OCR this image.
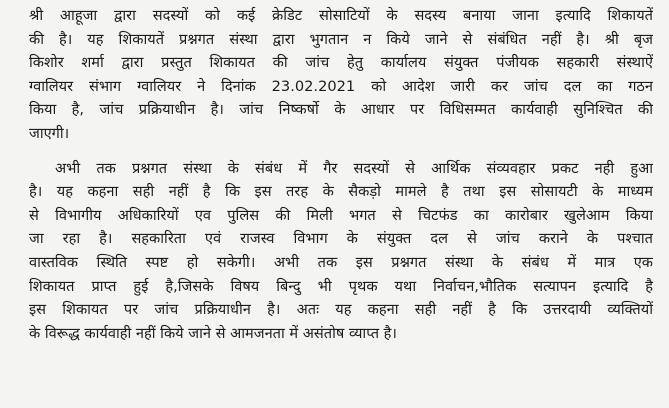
श्री आहूजा द्वारा सदस्यों को कई क्रेडिट सोसाटियों के सदस्य बनाया जाना इत्यादि शिकायतें
की है। यह शिकायतें प्रश्नगत संस्था द्वारा भुगतान न किये जाने से संबंधित नहीं है। श्री बृज
किशोर शर्मा द्वारा प्रस्तुत शिकायत की जांच हेतु कार्यालय संयुक्त पंजीयक सहकारी संस्थाऐं
ग्वालियर संभाग ग्वालियर ने दिनांक 23.02.2021 को आदेश जारी कर जांच दल का गठन
किया है, जांच प्रक्रियाधीन है। जांच निष्कर्षो के आधार पर विधिसम्मत कार्यवाही सुनिश्चित की
जाएगी।
अभी तक प्रश्नगत संस्था के संबंध में गैर सदस्यों से आर्थिक संव्यवहार प्रकट नही हुआ
है। यह कहना सही नहीं है कि इस तरह के सैकड़ो मामले है तथा इस सोसायटी के माध्यम
से विभागीय अधिकारियों एव पुलिस की मिली भगत से चिटफंड का कारोबार खुलेआम किया
जा रहा है। सहकारिता एवं राजस्व विभाग के संयुक्त दल से जांच कराने के पश्चात
वास्तविक स्थिति स्पष्ट हो सकेगी। अभी तक इस प्रश्नगत संस्था के संबंध में मात्र एक
शिकायत प्राप्त हुई है,जिसके विषय बिन्दु भी पृथक यथा निर्वाचन,भौतिक सत्यापन इत्यादि है
इस शिकायत पर जांच प्रक्रियाधीन है। अतः यह कहना सही नहीं है कि उत्तरदायी व्यक्तियों
के विरूद्ध कार्यवाही नहीं किये जाने से आमजनता में असंतोष व्याप्त है।
